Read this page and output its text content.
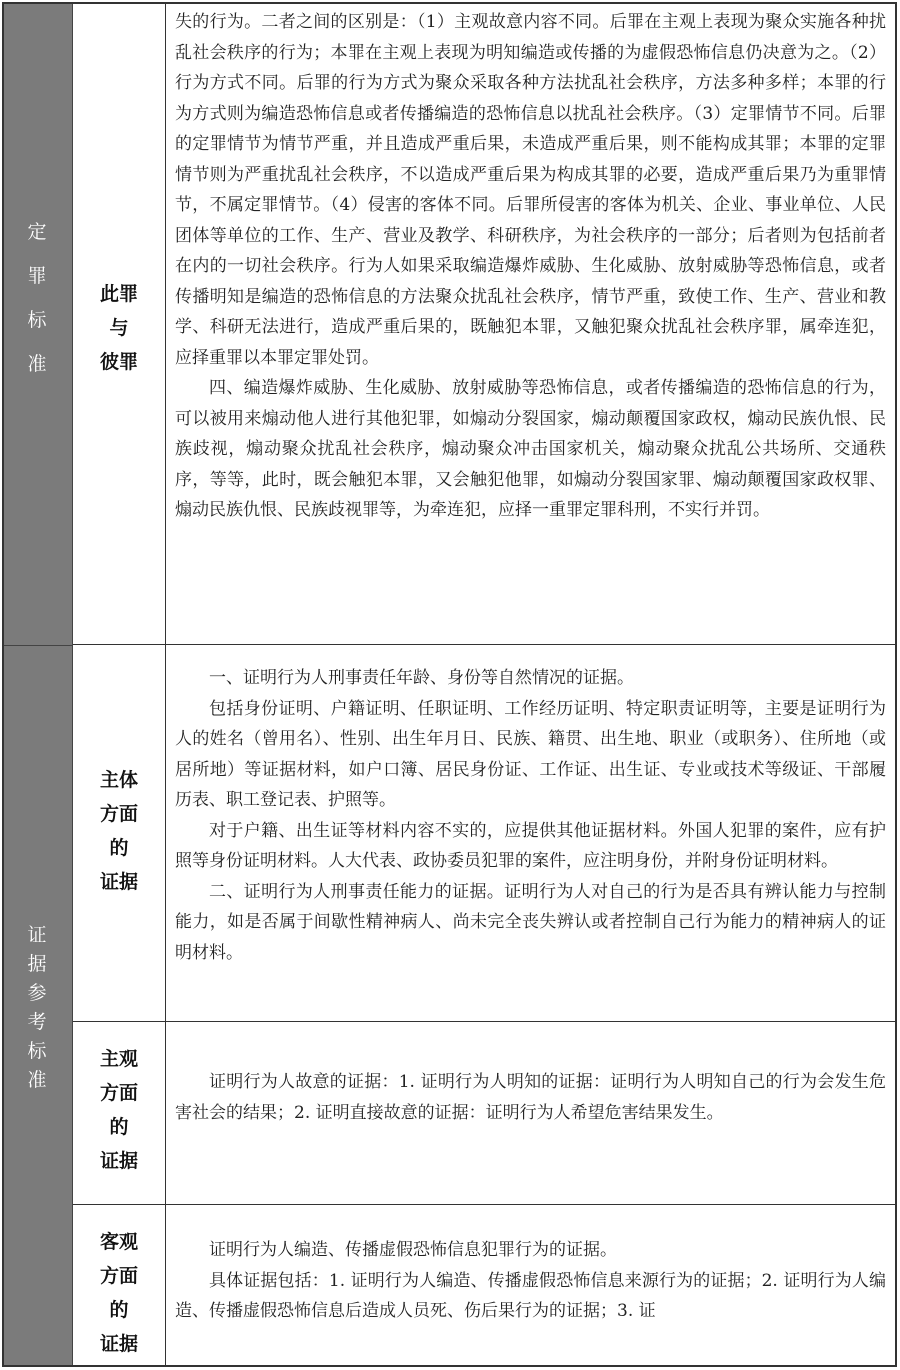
定
罪
标
准
证
据
参
考
标
准
此罪
与
彼罪

失的行为。二者之间的区别是：（1）主观故意内容不同。后罪在主观上表现为聚众实施各种扰乱社会秩序的行为；本罪在主观上表现为明知编造或传播的为虚假恐怖信息仍决意为之。（2）行为方式不同。后罪的行为方式为聚众采取各种方法扰乱社会秩序，方法多种多样；本罪的行为方式则为编造恐怖信息或者传播编造的恐怖信息以扰乱社会秩序。（3）定罪情节不同。后罪的定罪情节为情节严重，并且造成严重后果，未造成严重后果，则不能构成其罪；本罪的定罪情节则为严重扰乱社会秩序，不以造成严重后果为构成其罪的必要，造成严重后果乃为重罪情节，不属定罪情节。（4）侵害的客体不同。后罪所侵害的客体为机关、企业、事业单位、人民团体等单位的工作、生产、营业及教学、科研秩序，为社会秩序的一部分；后者则为包括前者在内的一切社会秩序。行为人如果采取编造爆炸威胁、生化威胁、放射威胁等恐怖信息，或者传播明知是编造的恐怖信息的方法聚众扰乱社会秩序，情节严重，致使工作、生产、营业和教学、科研无法进行，造成严重后果的，既触犯本罪，又触犯聚众扰乱社会秩序罪，属牵连犯，应择重罪以本罪定罪处罚。

四、编造爆炸威胁、生化威胁、放射威胁等恐怖信息，或者传播编造的恐怖信息的行为，可以被用来煽动他人进行其他犯罪，如煽动分裂国家，煽动颠覆国家政权，煽动民族仇恨、民族歧视，煽动聚众扰乱社会秩序，煽动聚众冲击国家机关，煽动聚众扰乱公共场所、交通秩序，等等，此时，既会触犯本罪，又会触犯他罪，如煽动分裂国家罪、煽动颠覆国家政权罪、煽动民族仇恨、民族歧视罪等，为牵连犯，应择一重罪定罪科刑，不实行并罚。

主体
方面
的
证据

一、证明行为人刑事责任年龄、身份等自然情况的证据。

包括身份证明、户籍证明、任职证明、工作经历证明、特定职责证明等，主要是证明行为人的姓名（曾用名）、性别、出生年月日、民族、籍贯、出生地、职业（或职务）、住所地（或居所地）等证据材料，如户口簿、居民身份证、工作证、出生证、专业或技术等级证、干部履历表、职工登记表、护照等。

对于户籍、出生证等材料内容不实的，应提供其他证据材料。外国人犯罪的案件，应有护照等身份证明材料。人大代表、政协委员犯罪的案件，应注明身份，并附身份证明材料。

二、证明行为人刑事责任能力的证据。证明行为人对自己的行为是否具有辨认能力与控制能力，如是否属于间歇性精神病人、尚未完全丧失辨认或者控制自己行为能力的精神病人的证明材料。

主观
方面
的
证据

证明行为人故意的证据：1. 证明行为人明知的证据：证明行为人明知自己的行为会发生危害社会的结果；2. 证明直接故意的证据：证明行为人希望危害结果发生。

客观
方面
的
证据

证明行为人编造、传播虚假恐怖信息犯罪行为的证据。

具体证据包括：1. 证明行为人编造、传播虚假恐怖信息来源行为的证据；2. 证明行为人编造、传播虚假恐怖信息后造成人员死、伤后果行为的证据；3. 证
